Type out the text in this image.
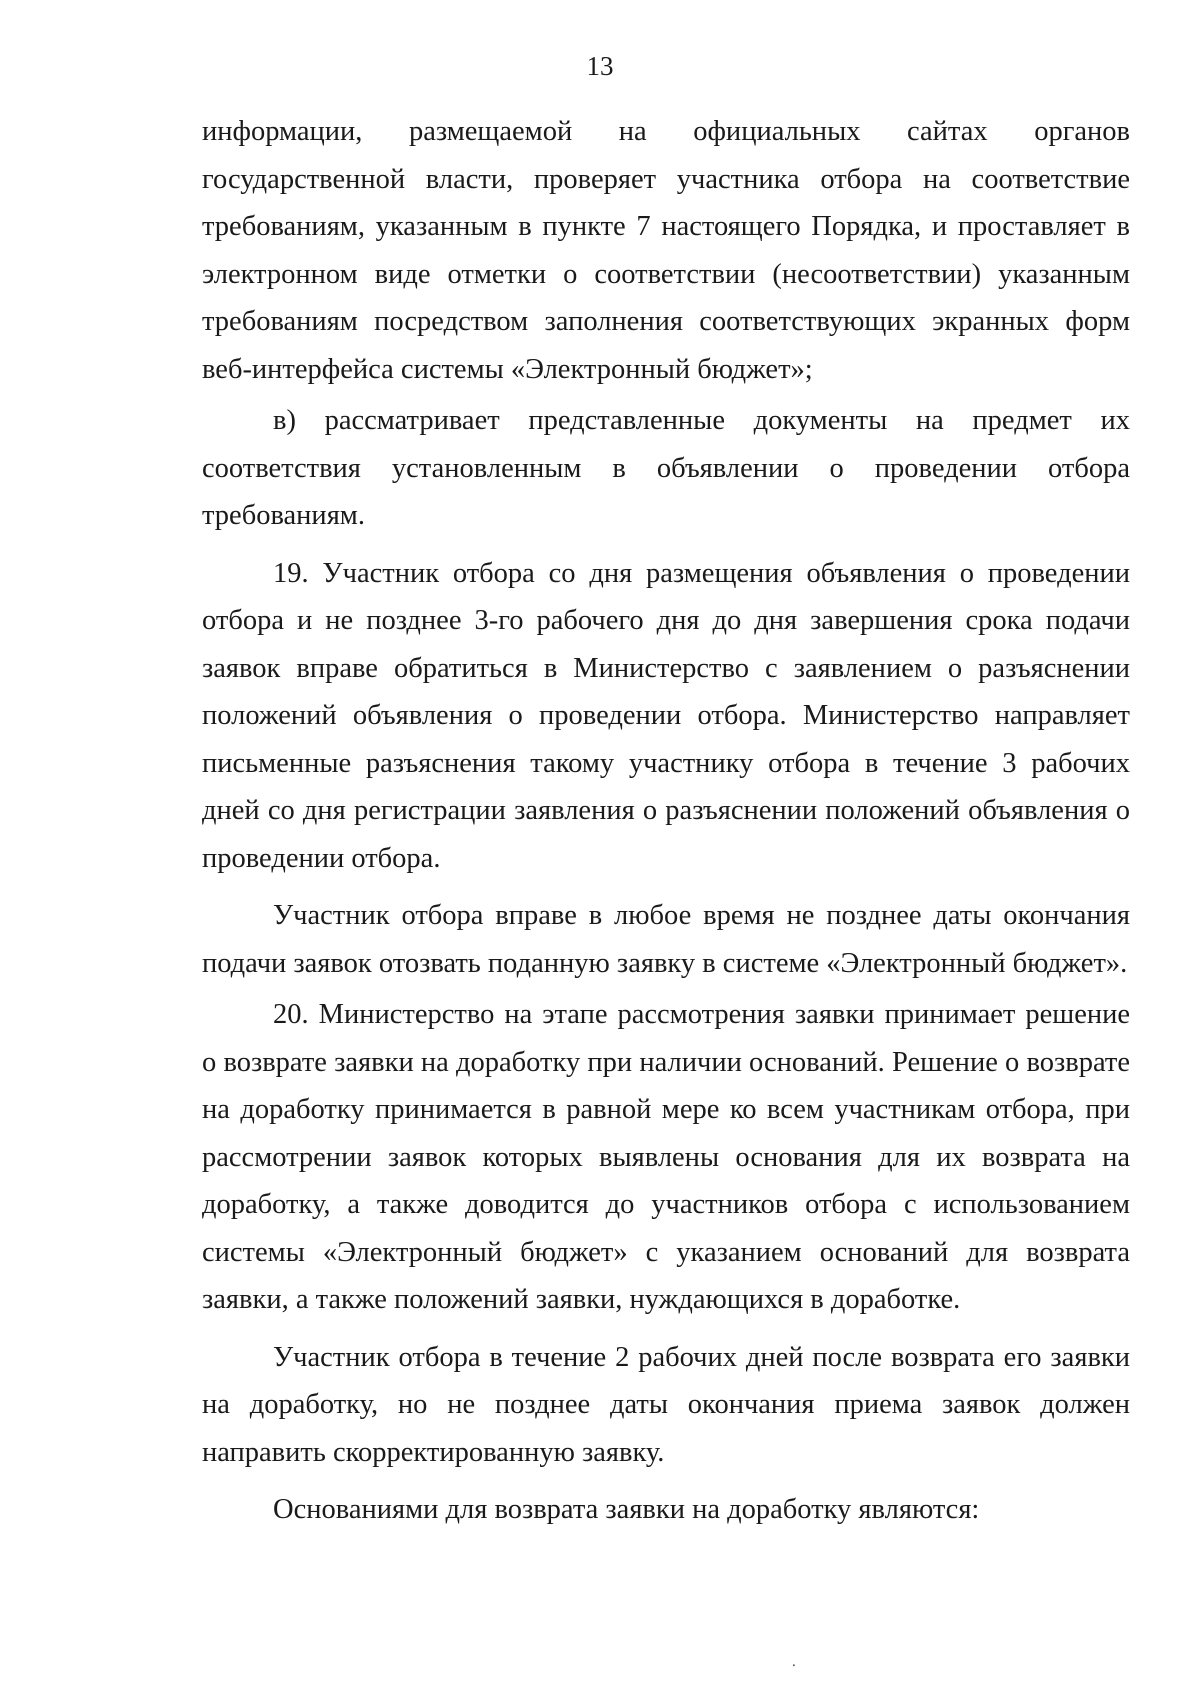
13

информации, размещаемой на официальных сайтах органов государственной власти, проверяет участника отбора на соответствие требованиям, указанным в пункте 7 настоящего Порядка, и проставляет в электронном виде отметки о соответствии (несоответствии) указанным требованиям посредством заполнения соответствующих экранных форм веб-интерфейса системы «Электронный бюджет»;

в) рассматривает представленные документы на предмет их соответствия установленным в объявлении о проведении отбора требованиям.

19. Участник отбора со дня размещения объявления о проведении отбора и не позднее 3-го рабочего дня до дня завершения срока подачи заявок вправе обратиться в Министерство с заявлением о разъяснении положений объявления о проведении отбора. Министерство направляет письменные разъяснения такому участнику отбора в течение 3 рабочих дней со дня регистрации заявления о разъяснении положений объявления о проведении отбора.

Участник отбора вправе в любое время не позднее даты окончания подачи заявок отозвать поданную заявку в системе «Электронный бюджет».

20. Министерство на этапе рассмотрения заявки принимает решение о возврате заявки на доработку при наличии оснований. Решение о возврате на доработку принимается в равной мере ко всем участникам отбора, при рассмотрении заявок которых выявлены основания для их возврата на доработку, а также доводится до участников отбора с использованием системы «Электронный бюджет» с указанием оснований для возврата заявки, а также положений заявки, нуждающихся в доработке.

Участник отбора в течение 2 рабочих дней после возврата его заявки на доработку, но не позднее даты окончания приема заявок должен направить скорректированную заявку.

Основаниями для возврата заявки на доработку являются:

⸱
